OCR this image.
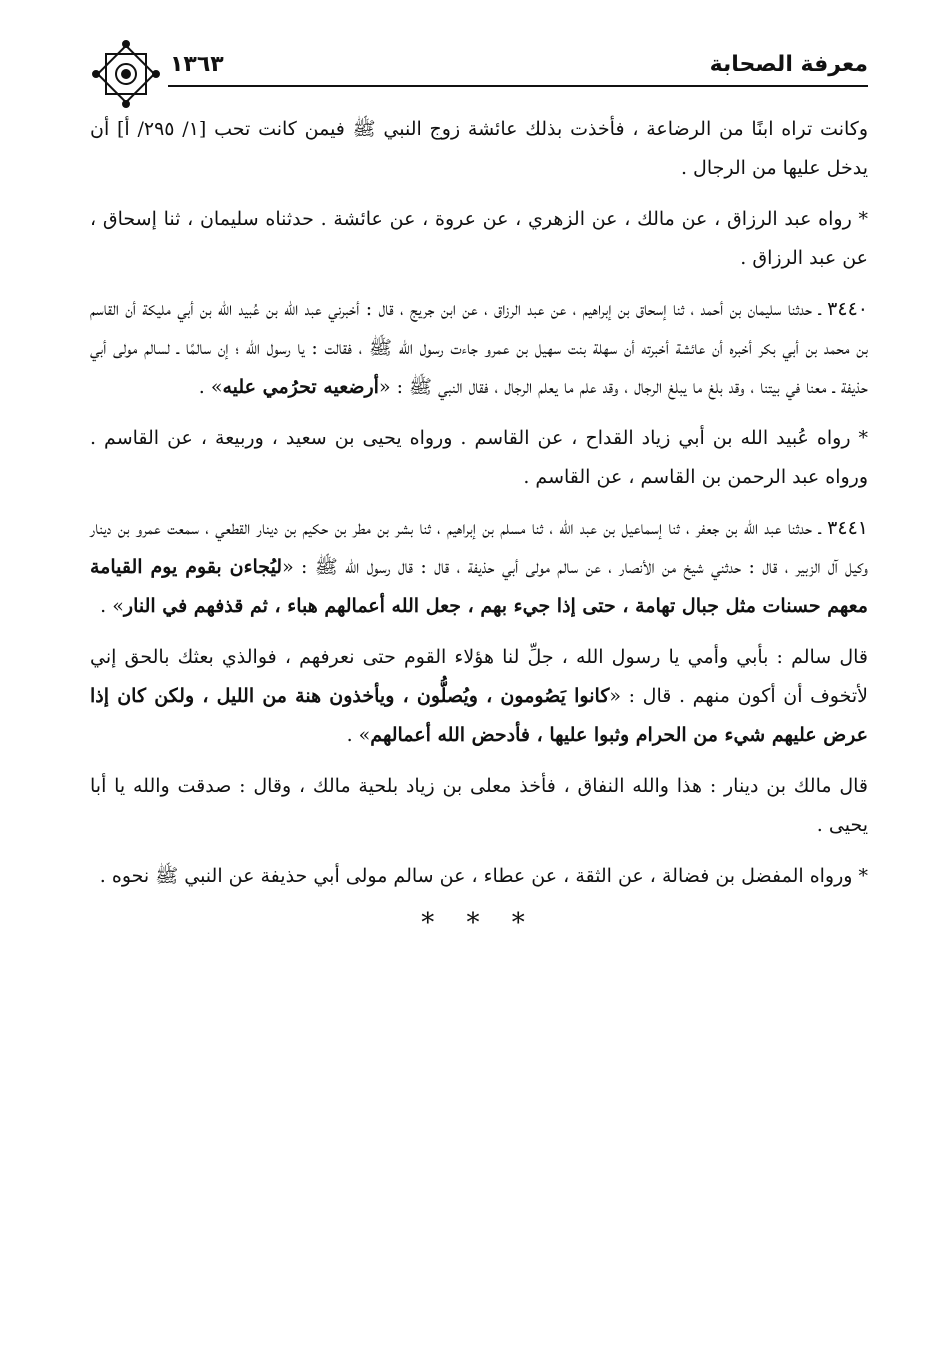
معرفة الصحابة
١٣٦٣

وكانت تراه ابنًا من الرضاعة ، فأخذت بذلك عائشة زوج النبي ﷺ فيمن كانت تحب [١/ ٢٩٥/ أ] أن يدخل عليها من الرجال .

* رواه عبد الرزاق ، عن مالك ، عن الزهري ، عن عروة ، عن عائشة . حدثناه سليمان ، ثنا إسحاق ، عن عبد الرزاق .

٣٤٤٠ ـ حدثنا سليمان بن أحمد ، ثنا إسحاق بن إبراهيم ، عن عبد الرزاق ، عن ابن جريج ، قال : أخبرني عبد الله بن عُبيد الله بن أبي مليكة أن القاسم بن محمد بن أبي بكر أخبره أن عائشة أخبرته أن سهلة بنت سهيل بن عمرو جاءت رسول الله ﷺ ، فقالت : يا رسول الله ؛ إن سالمًا ـ لسالم مولى أبي حذيفة ـ معنا في بيتنا ، وقد بلغ ما يبلغ الرجال ، وقد علم ما يعلم الرجال ، فقال النبي ﷺ : «أرضعيه تحرُمي عليه» .

* رواه عُبيد الله بن أبي زياد القداح ، عن القاسم . ورواه يحيى بن سعيد ، وربيعة ، عن القاسم . ورواه عبد الرحمن بن القاسم ، عن القاسم .

٣٤٤١ ـ حدثنا عبد الله بن جعفر ، ثنا إسماعيل بن عبد الله ، ثنا مسلم بن إبراهيم ، ثنا بشر بن مطر بن حكيم بن دينار القطعي ، سمعت عمرو بن دينار وكيل آل الزبير ، قال : حدثني شيخ من الأنصار ، عن سالم مولى أبي حذيفة ، قال : قال رسول الله ﷺ : «ليُجاءن بقوم يوم القيامة معهم حسنات مثل جبال تهامة ، حتى إذا جيء بهم ، جعل الله أعمالهم هباء ، ثم قذفهم في النار» .

قال سالم : بأبي وأمي يا رسول الله ، جلِّ لنا هؤلاء القوم حتى نعرفهم ، فوالذي بعثك بالحق إني لأتخوف أن أكون منهم . قال : «كانوا يَصُومون ، ويُصلُّون ، ويأخذون هنة من الليل ، ولكن كان إذا عرض عليهم شيء من الحرام وثبوا عليها ، فأدحض الله أعمالهم» .

قال مالك بن دينار : هذا والله النفاق ، فأخذ معلى بن زياد بلحية مالك ، وقال : صدقت والله يا أبا يحيى .

* ورواه المفضل بن فضالة ، عن الثقة ، عن عطاء ، عن سالم مولى أبي حذيفة عن النبي ﷺ نحوه .

* * *
